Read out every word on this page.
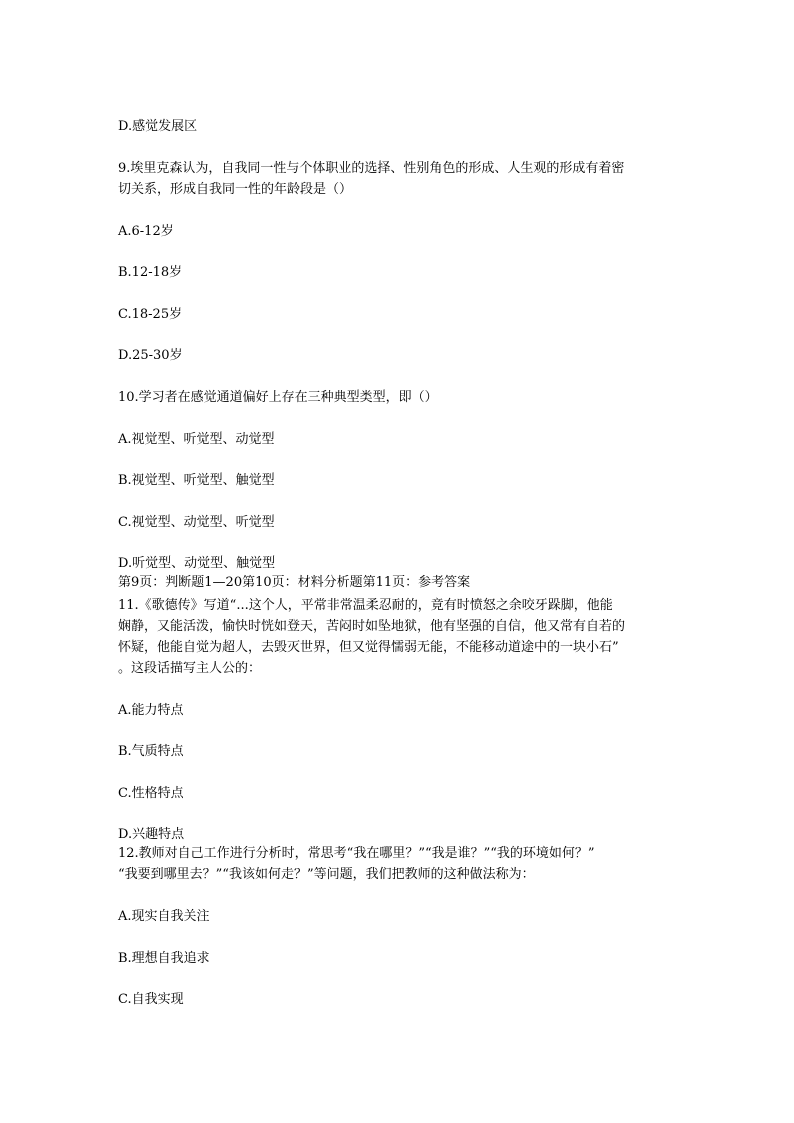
D.感觉发展区
9.埃里克森认为，自我同一性与个体职业的选择、性别角色的形成、人生观的形成有着密
切关系，形成自我同一性的年龄段是（）
A.6-12岁
B.12-18岁
C.18-25岁
D.25-30岁
10.学习者在感觉通道偏好上存在三种典型类型，即（）
A.视觉型、听觉型、动觉型
B.视觉型、听觉型、触觉型
C.视觉型、动觉型、听觉型
D.听觉型、动觉型、触觉型
第9页：判断题1—20第10页：材料分析题第11页：参考答案
11.《歌德传》写道“...这个人，平常非常温柔忍耐的，竟有时愤怒之余咬牙跺脚，他能
娴静，又能活泼，愉快时恍如登天，苦闷时如坠地狱，他有坚强的自信，他又常有自若的
怀疑，他能自觉为超人，去毁灭世界，但又觉得懦弱无能，不能移动道途中的一块小石”
。这段话描写主人公的：
A.能力特点
B.气质特点
C.性格特点
D.兴趣特点
12.教师对自己工作进行分析时，常思考“我在哪里？”“我是谁？”“我的环境如何？”
“我要到哪里去？”“我该如何走？”等问题，我们把教师的这种做法称为：
A.现实自我关注
B.理想自我追求
C.自我实现
